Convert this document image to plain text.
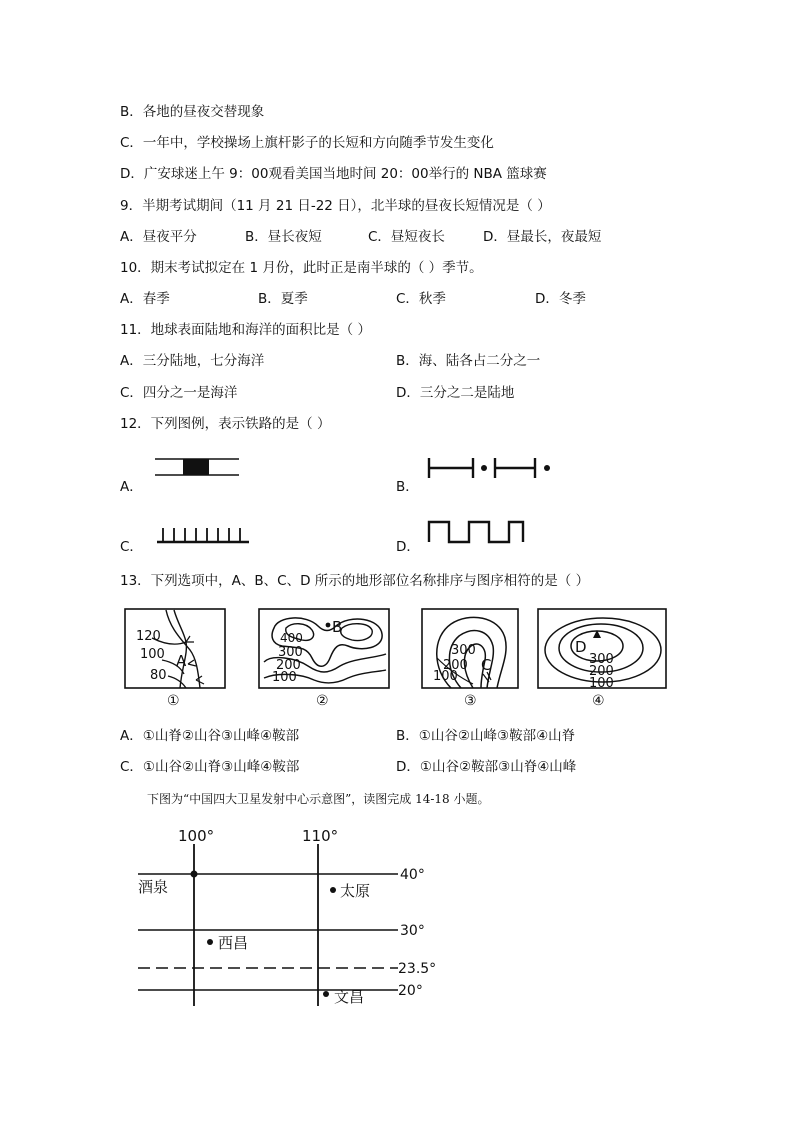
B．各地的昼夜交替现象
C．一年中，学校操场上旗杆影子的长短和方向随季节发生变化
D．广安球迷上午 9：00观看美国当地时间 20：00举行的 NBA 篮球赛
9．半期考试期间（11 月 21 日-22 日），北半球的昼夜长短情况是（ ）
A．昼夜平分	B．昼长夜短	C．昼短夜长	D．昼最长，夜最短
10．期末考试拟定在 1 月份，此时正是南半球的（ ）季节。
A．春季	B．夏季	C．秋季	D．冬季
11．地球表面陆地和海洋的面积比是（ ）
A．三分陆地，七分海洋	B．海、陆各占二分之一
C．四分之一是海洋	D．三分之二是陆地
12．下列图例，表示铁路的是（ ）
A．	B．
C．	D．
13．下列选项中，A、B、C、D 所示的地形部位名称排序与图序相符的是（ ）
120
100
80
A
①
400
300
200
100
B
②
300
200
100
C
③
D
300
200
100
④
A．①山脊②山谷③山峰④鞍部	B．①山谷②山峰③鞍部④山脊
C．①山谷②山脊③山峰④鞍部	D．①山谷②鞍部③山脊④山峰
下图为“中国四大卫星发射中心示意图”，读图完成 14-18 小题。
100°	110°
40°
30°
23.5°
20°
酒泉	太原
西昌
文昌
